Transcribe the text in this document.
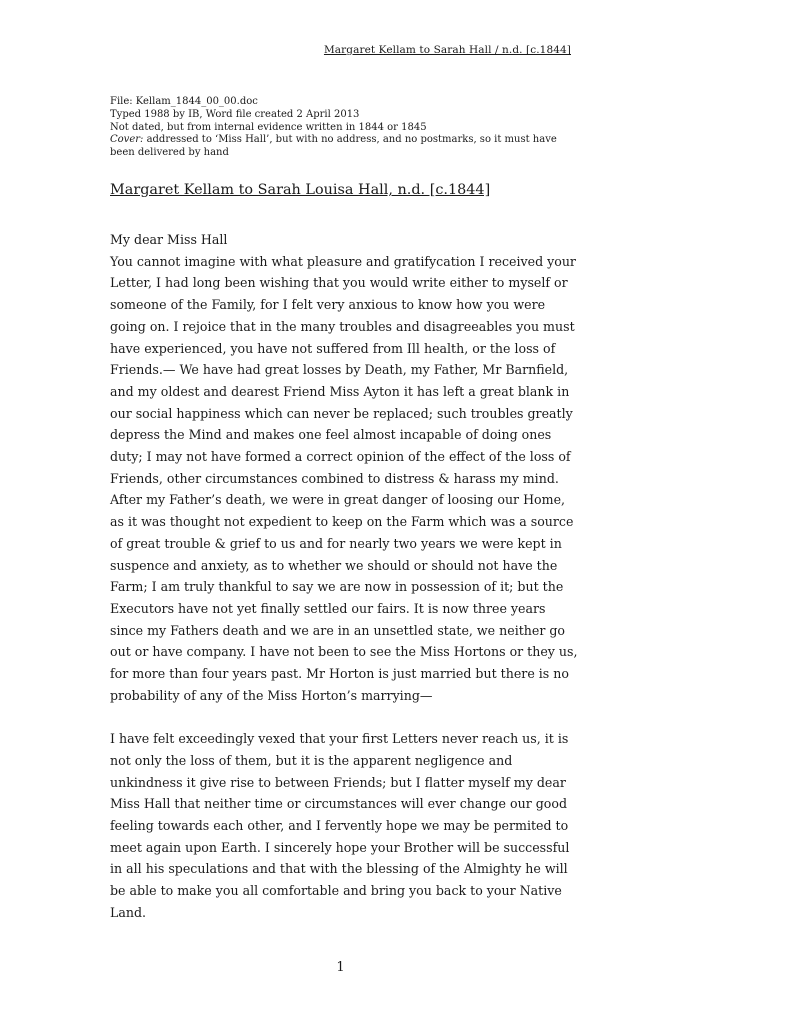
Margaret Kellam to Sarah Hall / n.d. [c.1844]
File: Kellam_1844_00_00.doc
Typed 1988 by IB, Word file created 2 April 2013
Not dated, but from internal evidence written in 1844 or 1845
Cover: addressed to ‘Miss Hall’, but with no address, and no postmarks, so it must have been delivered by hand
Margaret Kellam to Sarah Louisa Hall, n.d. [c.1844]

My dear Miss Hall

You cannot imagine with what pleasure and gratifycation I received your Letter, I had long been wishing that you would write either to myself or someone of the Family, for I felt very anxious to know how you were going on. I rejoice that in the many troubles and disagreeables you must have experienced, you have not suffered from Ill health, or the loss of Friends.— We have had great losses by Death, my Father, Mr Barnfield, and my oldest and dearest Friend Miss Ayton it has left a great blank in our social happiness which can never be replaced; such troubles greatly depress the Mind and makes one feel almost incapable of doing ones duty; I may not have formed a correct opinion of the effect of the loss of Friends, other circumstances combined to distress & harass my mind. After my Father’s death, we were in great danger of loosing our Home, as it was thought not expedient to keep on the Farm which was a source of great trouble & grief to us and for nearly two years we were kept in suspence and anxiety, as to whether we should or should not have the Farm; I am truly thankful to say we are now in possession of it; but the Executors have not yet finally settled our fairs. It is now three years since my Fathers death and we are in an unsettled state, we neither go out or have company. I have not been to see the Miss Hortons or they us, for more than four years past. Mr Horton is just married but there is no probability of any of the Miss Horton’s marrying—

I have felt exceedingly vexed that your first Letters never reach us, it is not only the loss of them, but it is the apparent negligence and unkindness it give rise to between Friends; but I flatter myself my dear Miss Hall that neither time or circumstances will ever change our good feeling towards each other, and I fervently hope we may be permited to meet again upon Earth. I sincerely hope your Brother will be successful in all his speculations and that with the blessing of the Almighty he will be able to make you all comfortable and bring you back to your Native Land.

1
